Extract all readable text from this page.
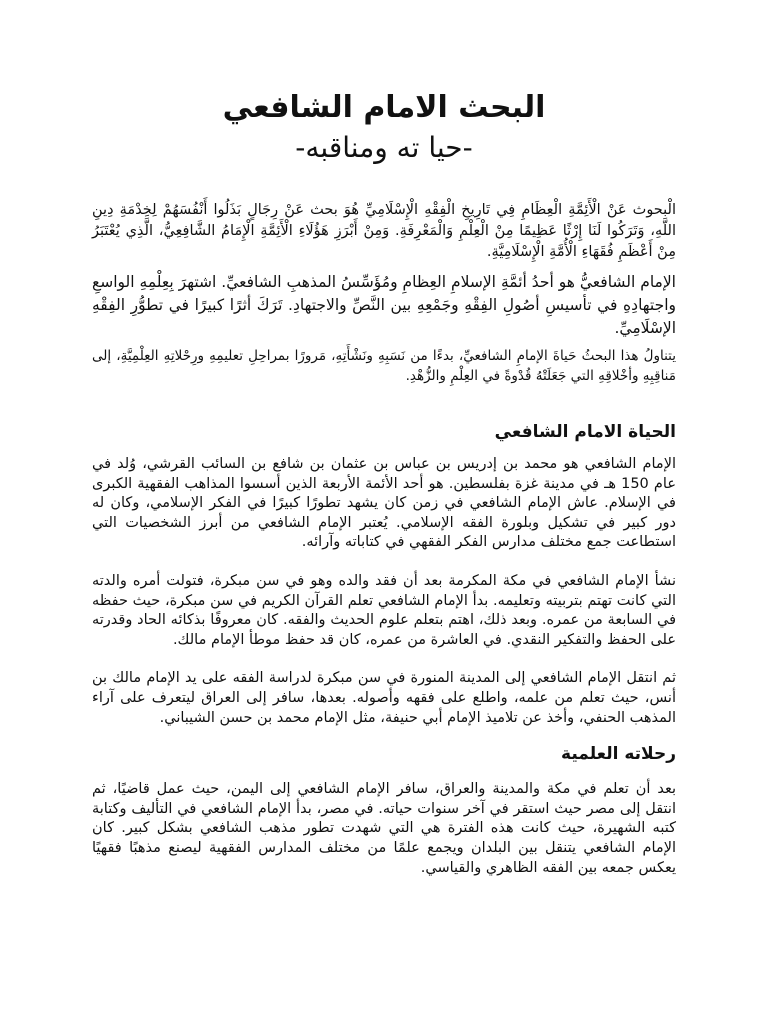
البحث الامام الشافعي
-حيا ته ومناقبه-

الْبحوث عَنْ الْأَئِمَّةِ الْعِظَامِ فِي تَارِيخِ الْفِقْهِ الْإِسْلَامِيِّ هُوَ بحث عَنْ رِجَالٍ بَذَلُوا أَنْفُسَهُمْ لِخِدْمَةِ دِينِ اللَّهِ، وَتَرَكُوا لَنَا إِرْثًا عَظِيمًا مِنْ الْعِلْمِ وَالْمَعْرِفَةِ. وَمِنْ أَبْرَزِ هَؤُلَاءِ الْأَئِمَّةِ الْإِمَامُ الشَّافِعِيُّ، الَّذِي يُعْتَبَرُ مِنْ أَعْظَمِ فُقَهَاءِ الْأُمَّةِ الْإِسْلَامِيَّةِ.

الإمام الشافعيُّ هو أحدُ أئمَّةِ الإسلامِ العِظامِ ومُؤَسِّسُ المذهبِ الشافعيِّ. اشتهرَ بِعِلْمِهِ الواسعِ واجتهادِهِ في تأسيسِ أصُولِ الفِقْهِ وجَمْعِهِ بين النَّصِّ والاجتهادِ. تَرَكَ أثرًا كبيرًا في تطوُّرِ الفِقْهِ الإسْلَامِيِّ.

يتناولُ هذا البحثُ حَياةَ الإمامِ الشافعيِّ، بدءًا من نَسَبِهِ ونَشْأَتِهِ، مَرورًا بمراحِلِ تعليمِهِ ورِحْلاتِهِ العِلْمِيَّةِ، إلى مَناقِبِهِ وأخْلاقِهِ التي جَعَلَتْهُ قُدْوةً في العِلْمِ والزُّهْدِ.

الحياة الامام الشافعي

الإمام الشافعي هو محمد بن إدريس بن عباس بن عثمان بن شافع بن السائب القرشي، وُلد في عام 150 هـ في مدينة غزة بفلسطين. هو أحد الأئمة الأربعة الذين أسسوا المذاهب الفقهية الكبرى في الإسلام. عاش الإمام الشافعي في زمن كان يشهد تطورًا كبيرًا في الفكر الإسلامي، وكان له دور كبير في تشكيل وبلورة الفقه الإسلامي. يُعتبر الإمام الشافعي من أبرز الشخصيات التي استطاعت جمع مختلف مدارس الفكر الفقهي في كتاباته وآرائه.

نشأ الإمام الشافعي في مكة المكرمة بعد أن فقد والده وهو في سن مبكرة، فتولت أمره والدته التي كانت تهتم بتربيته وتعليمه. بدأ الإمام الشافعي تعلم القرآن الكريم في سن مبكرة، حيث حفظه في السابعة من عمره. وبعد ذلك، اهتم بتعلم علوم الحديث والفقه. كان معروفًا بذكائه الحاد وقدرته على الحفظ والتفكير النقدي. في العاشرة من عمره، كان قد حفظ موطأ الإمام مالك.

ثم انتقل الإمام الشافعي إلى المدينة المنورة في سن مبكرة لدراسة الفقه على يد الإمام مالك بن أنس، حيث تعلم من علمه، واطلع على فقهه وأصوله. بعدها، سافر إلى العراق ليتعرف على آراء المذهب الحنفي، وأخذ عن تلاميذ الإمام أبي حنيفة، مثل الإمام محمد بن حسن الشيباني.

رحلاته العلمية

بعد أن تعلم في مكة والمدينة والعراق، سافر الإمام الشافعي إلى اليمن، حيث عمل قاضيًا، ثم انتقل إلى مصر حيث استقر في آخر سنوات حياته. في مصر، بدأ الإمام الشافعي في التأليف وكتابة كتبه الشهيرة، حيث كانت هذه الفترة هي التي شهدت تطور مذهب الشافعي بشكل كبير. كان الإمام الشافعي يتنقل بين البلدان ويجمع علمًا من مختلف المدارس الفقهية ليصنع مذهبًا فقهيًا يعكس جمعه بين الفقه الظاهري والقياسي.
